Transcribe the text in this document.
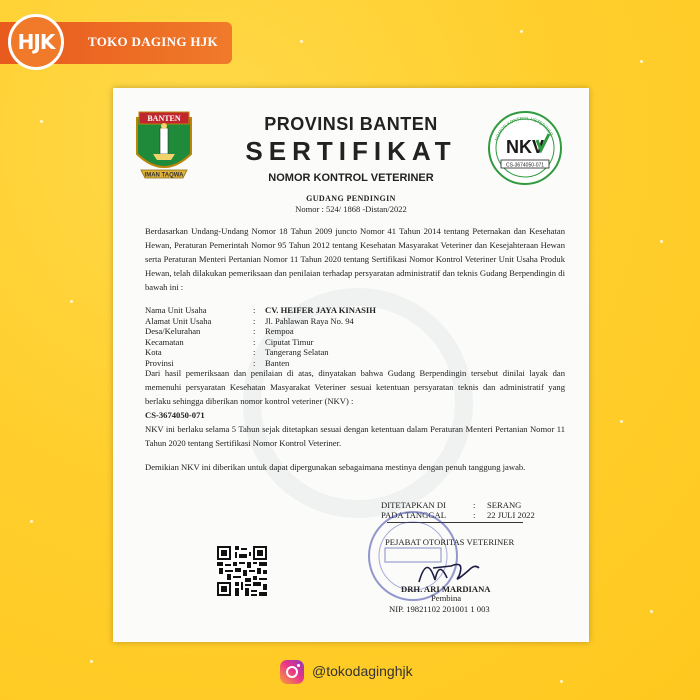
HJK	TOKO DAGING HJK
BANTEN
IMAN TAQWA
NOMOR KONTROL VETERINER
NKV
CS-3674050-071
PROVINSI BANTEN
SERTIFIKAT
NOMOR KONTROL VETERINER
GUDANG PENDINGIN
Nomor : 524/ 1868 -Distan/2022

Berdasarkan Undang-Undang Nomor 18 Tahun 2009 juncto Nomor 41 Tahun 2014 tentang Peternakan dan Kesehatan Hewan, Peraturan Pemerintah Nomor 95 Tahun 2012 tentang Kesehatan Masyarakat Veteriner dan Kesejahteraan Hewan serta Peraturan Menteri Pertanian Nomor 11 Tahun 2020 tentang Sertifikasi Nomor Kontrol Veteriner Unit Usaha Produk Hewan, telah dilakukan pemeriksaan dan penilaian terhadap persyaratan administratif dan teknis Gudang Berpendingin di bawah ini :

Nama Unit Usaha	:	CV. HEIFER JAYA KINASIH
Alamat Unit Usaha	:	Jl. Pahlawan Raya No. 94
Desa/Kelurahan	:	Rempoa
Kecamatan	:	Ciputat Timur
Kota	:	Tangerang Selatan
Provinsi	:	Banten

Dari hasil pemeriksaan dan penilaian di atas, dinyatakan bahwa Gudang Berpendingin tersebut dinilai layak dan memenuhi persyaratan Kesehatan Masyarakat Veteriner sesuai ketentuan persyaratan teknis dan administratif yang berlaku sehingga diberikan nomor kontrol veteriner (NKV) :

CS-3674050-071

NKV ini berlaku selama 5 Tahun sejak ditetapkan sesuai dengan ketentuan dalam Peraturan Menteri Pertanian Nomor 11 Tahun 2020 tentang Sertifikasi Nomor Kontrol Veteriner.

Demikian NKV ini diberikan untuk dapat dipergunakan sebagaimana mestinya dengan penuh tanggung jawab.

DITETAPKAN DI	:	SERANG
PADA TANGGAL	:	22 JULI 2022
PEJABAT OTORITAS VETERINER
DRH. ARI MARDIANA
Pembina
NIP. 19821102 201001 1 003
@tokodaginghjk
